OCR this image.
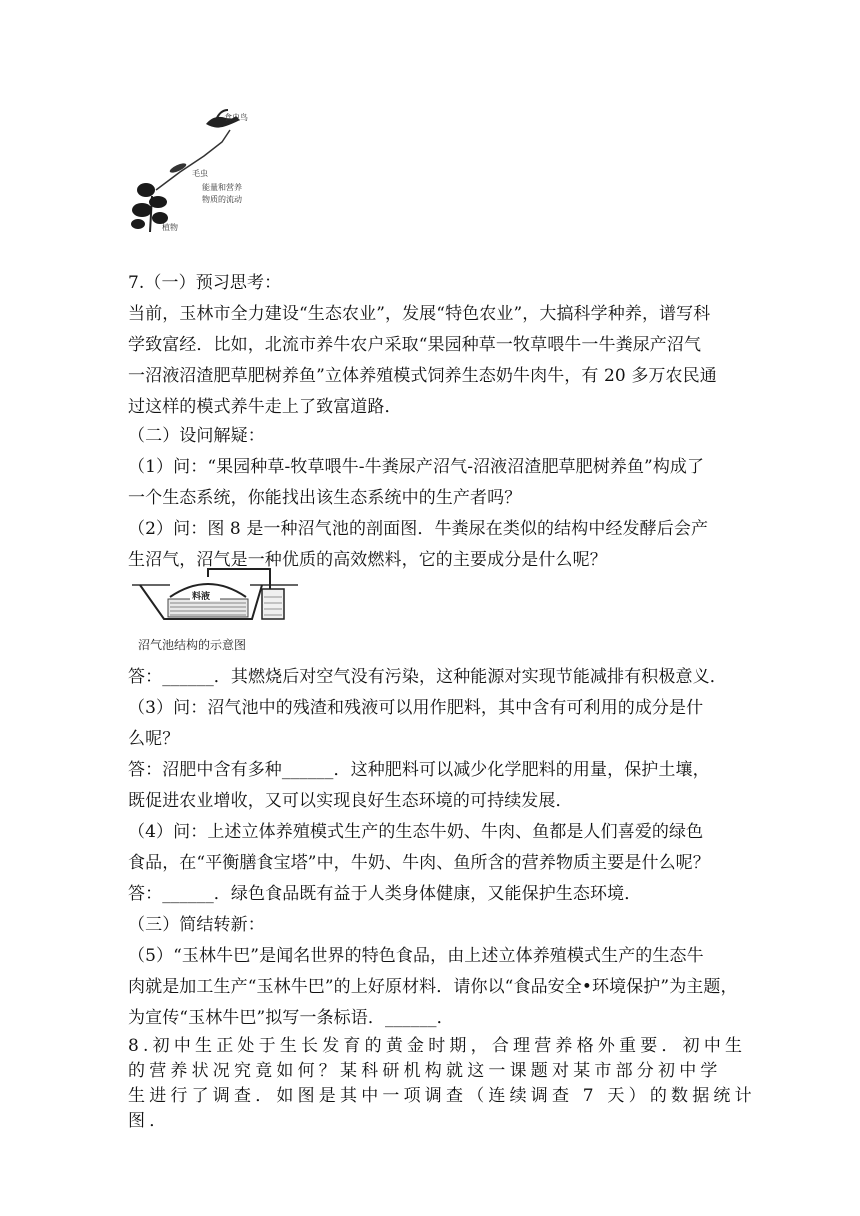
食虫鸟
毛虫
能量和营养
物质的流动
植物
料液
沼气池结构的示意图
7.（一）预习思考：
当前，玉林市全力建设“生态农业”，发展“特色农业”，大搞科学种养，谱写科
学致富经．比如，北流市养牛农户采取“果园种草一牧草喂牛一牛粪尿产沼气
一沼液沼渣肥草肥树养鱼”立体养殖模式饲养生态奶牛肉牛，有 20 多万农民通
过这样的模式养牛走上了致富道路．
（二）设问解疑：
（1）问：“果园种草-牧草喂牛-牛粪尿产沼气-沼液沼渣肥草肥树养鱼”构成了
一个生态系统，你能找出该生态系统中的生产者吗？
（2）问：图 8 是一种沼气池的剖面图．牛粪尿在类似的结构中经发酵后会产
生沼气，沼气是一种优质的高效燃料，它的主要成分是什么呢？
答：______．其燃烧后对空气没有污染，这种能源对实现节能减排有积极意义．
（3）问：沼气池中的残渣和残液可以用作肥料，其中含有可利用的成分是什
么呢？
答：沼肥中含有多种______．这种肥料可以减少化学肥料的用量，保护土壤，
既促进农业增收，又可以实现良好生态环境的可持续发展．
（4）问：上述立体养殖模式生产的生态牛奶、牛肉、鱼都是人们喜爱的绿色
食品，在“平衡膳食宝塔”中，牛奶、牛肉、鱼所含的营养物质主要是什么呢？
答：______．绿色食品既有益于人类身体健康，又能保护生态环境．
（三）简结转新：
（5）“玉林牛巴”是闻名世界的特色食品，由上述立体养殖模式生产的生态牛
肉就是加工生产“玉林牛巴”的上好原材料．请你以“食品安全•环境保护”为主题，
为宣传“玉林牛巴”拟写一条标语．______．
8.初中生正处于生长发育的黄金时期，合理营养格外重要．初中生
的营养状况究竟如何？某科研机构就这一课题对某市部分初中学
生进行了调查．如图是其中一项调查（连续调查 7 天）的数据统计
图．
